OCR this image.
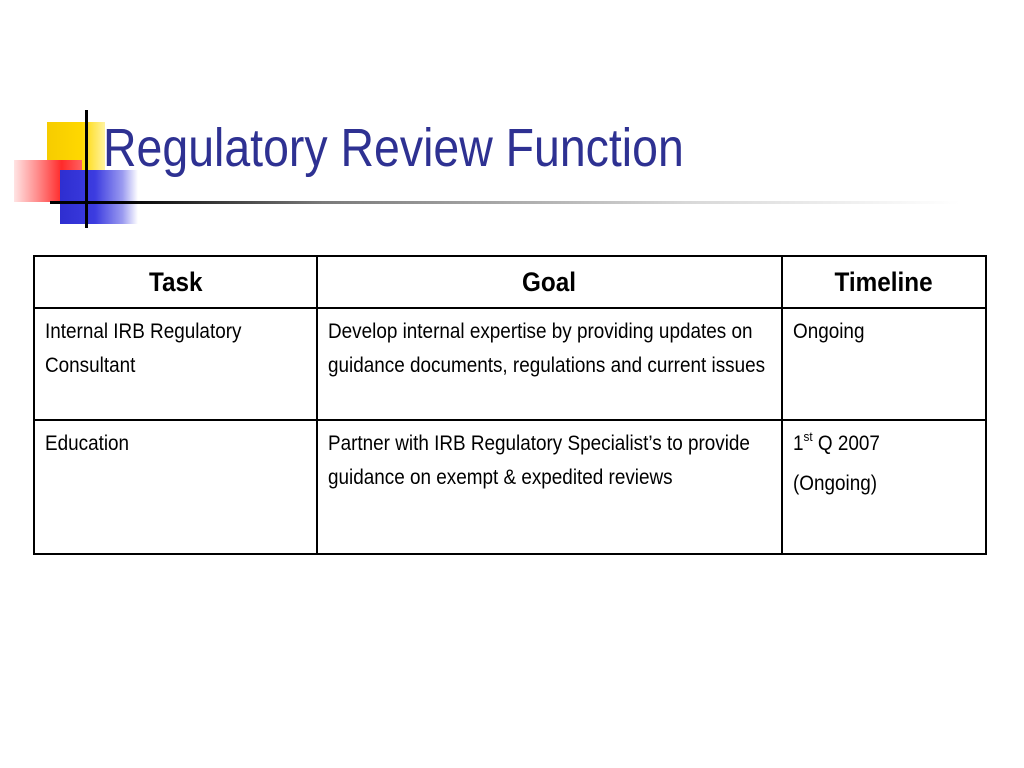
Regulatory Review Function
Task	Goal	Timeline
Internal IRB Regulatory Consultant	Develop internal expertise by providing updates on guidance documents, regulations and current issues	Ongoing
Education	Partner with IRB Regulatory Specialist’s to provide guidance on exempt & expedited reviews	1st Q 2007
(Ongoing)
